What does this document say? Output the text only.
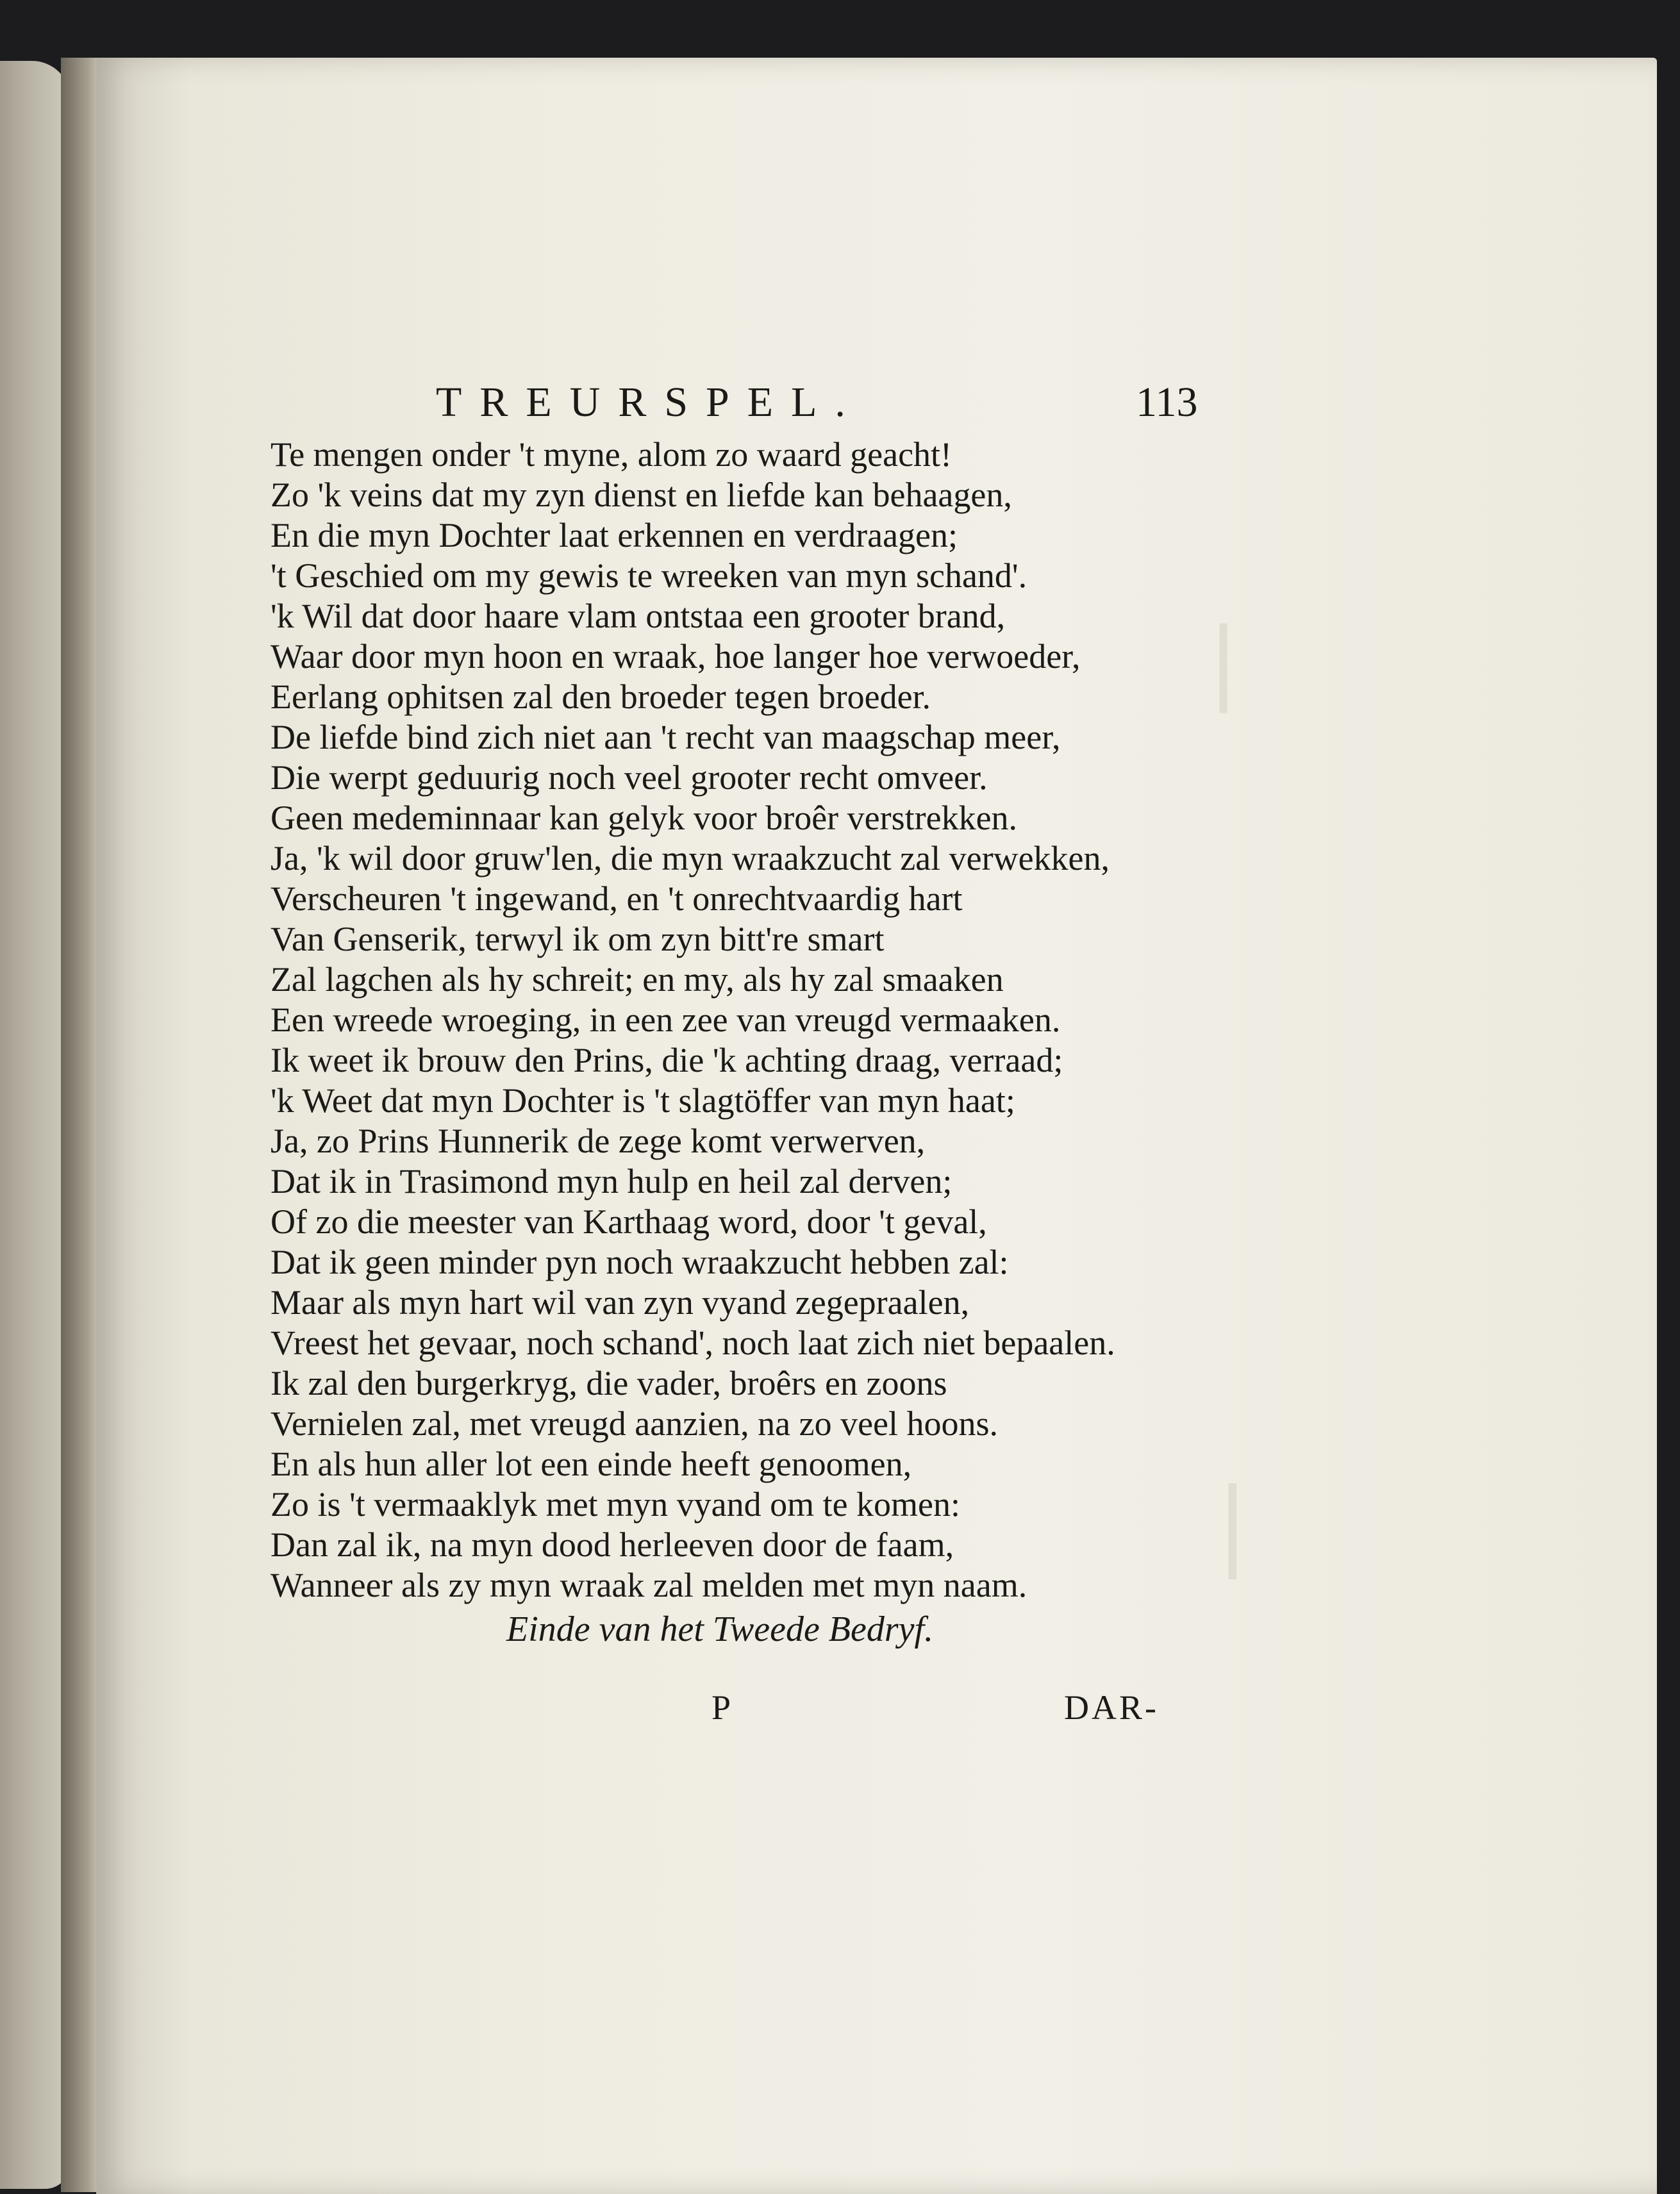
❘
❘
TREURSPEL.	113
Te mengen onder 't myne, alom zo waard geacht!
Zo 'k veins dat my zyn dienst en liefde kan behaagen,
En die myn Dochter laat erkennen en verdraagen;
't Geschied om my gewis te wreeken van myn schand'.
'k Wil dat door haare vlam ontstaa een grooter brand,
Waar door myn hoon en wraak, hoe langer hoe verwoeder,
Eerlang ophitsen zal den broeder tegen broeder.
De liefde bind zich niet aan 't recht van maagschap meer,
Die werpt geduurig noch veel grooter recht omveer.
Geen medeminnaar kan gelyk voor broêr verstrekken.
Ja, 'k wil door gruw'len, die myn wraakzucht zal verwekken,
Verscheuren 't ingewand, en 't onrechtvaardig hart
Van Genserik, terwyl ik om zyn bitt're smart
Zal lagchen als hy schreit; en my, als hy zal smaaken
Een wreede wroeging, in een zee van vreugd vermaaken.
Ik weet ik brouw den Prins, die 'k achting draag, verraad;
'k Weet dat myn Dochter is 't slagtöffer van myn haat;
Ja, zo Prins Hunnerik de zege komt verwerven,
Dat ik in Trasimond myn hulp en heil zal derven;
Of zo die meester van Karthaag word, door 't geval,
Dat ik geen minder pyn noch wraakzucht hebben zal:
Maar als myn hart wil van zyn vyand zegepraalen,
Vreest het gevaar, noch schand', noch laat zich niet bepaalen.
Ik zal den burgerkryg, die vader, broêrs en zoons
Vernielen zal, met vreugd aanzien, na zo veel hoons.
En als hun aller lot een einde heeft genoomen,
Zo is 't vermaaklyk met myn vyand om te komen:
Dan zal ik, na myn dood herleeven door de faam,
Wanneer als zy myn wraak zal melden met myn naam.
Einde van het Tweede Bedryf.
P	DAR-
